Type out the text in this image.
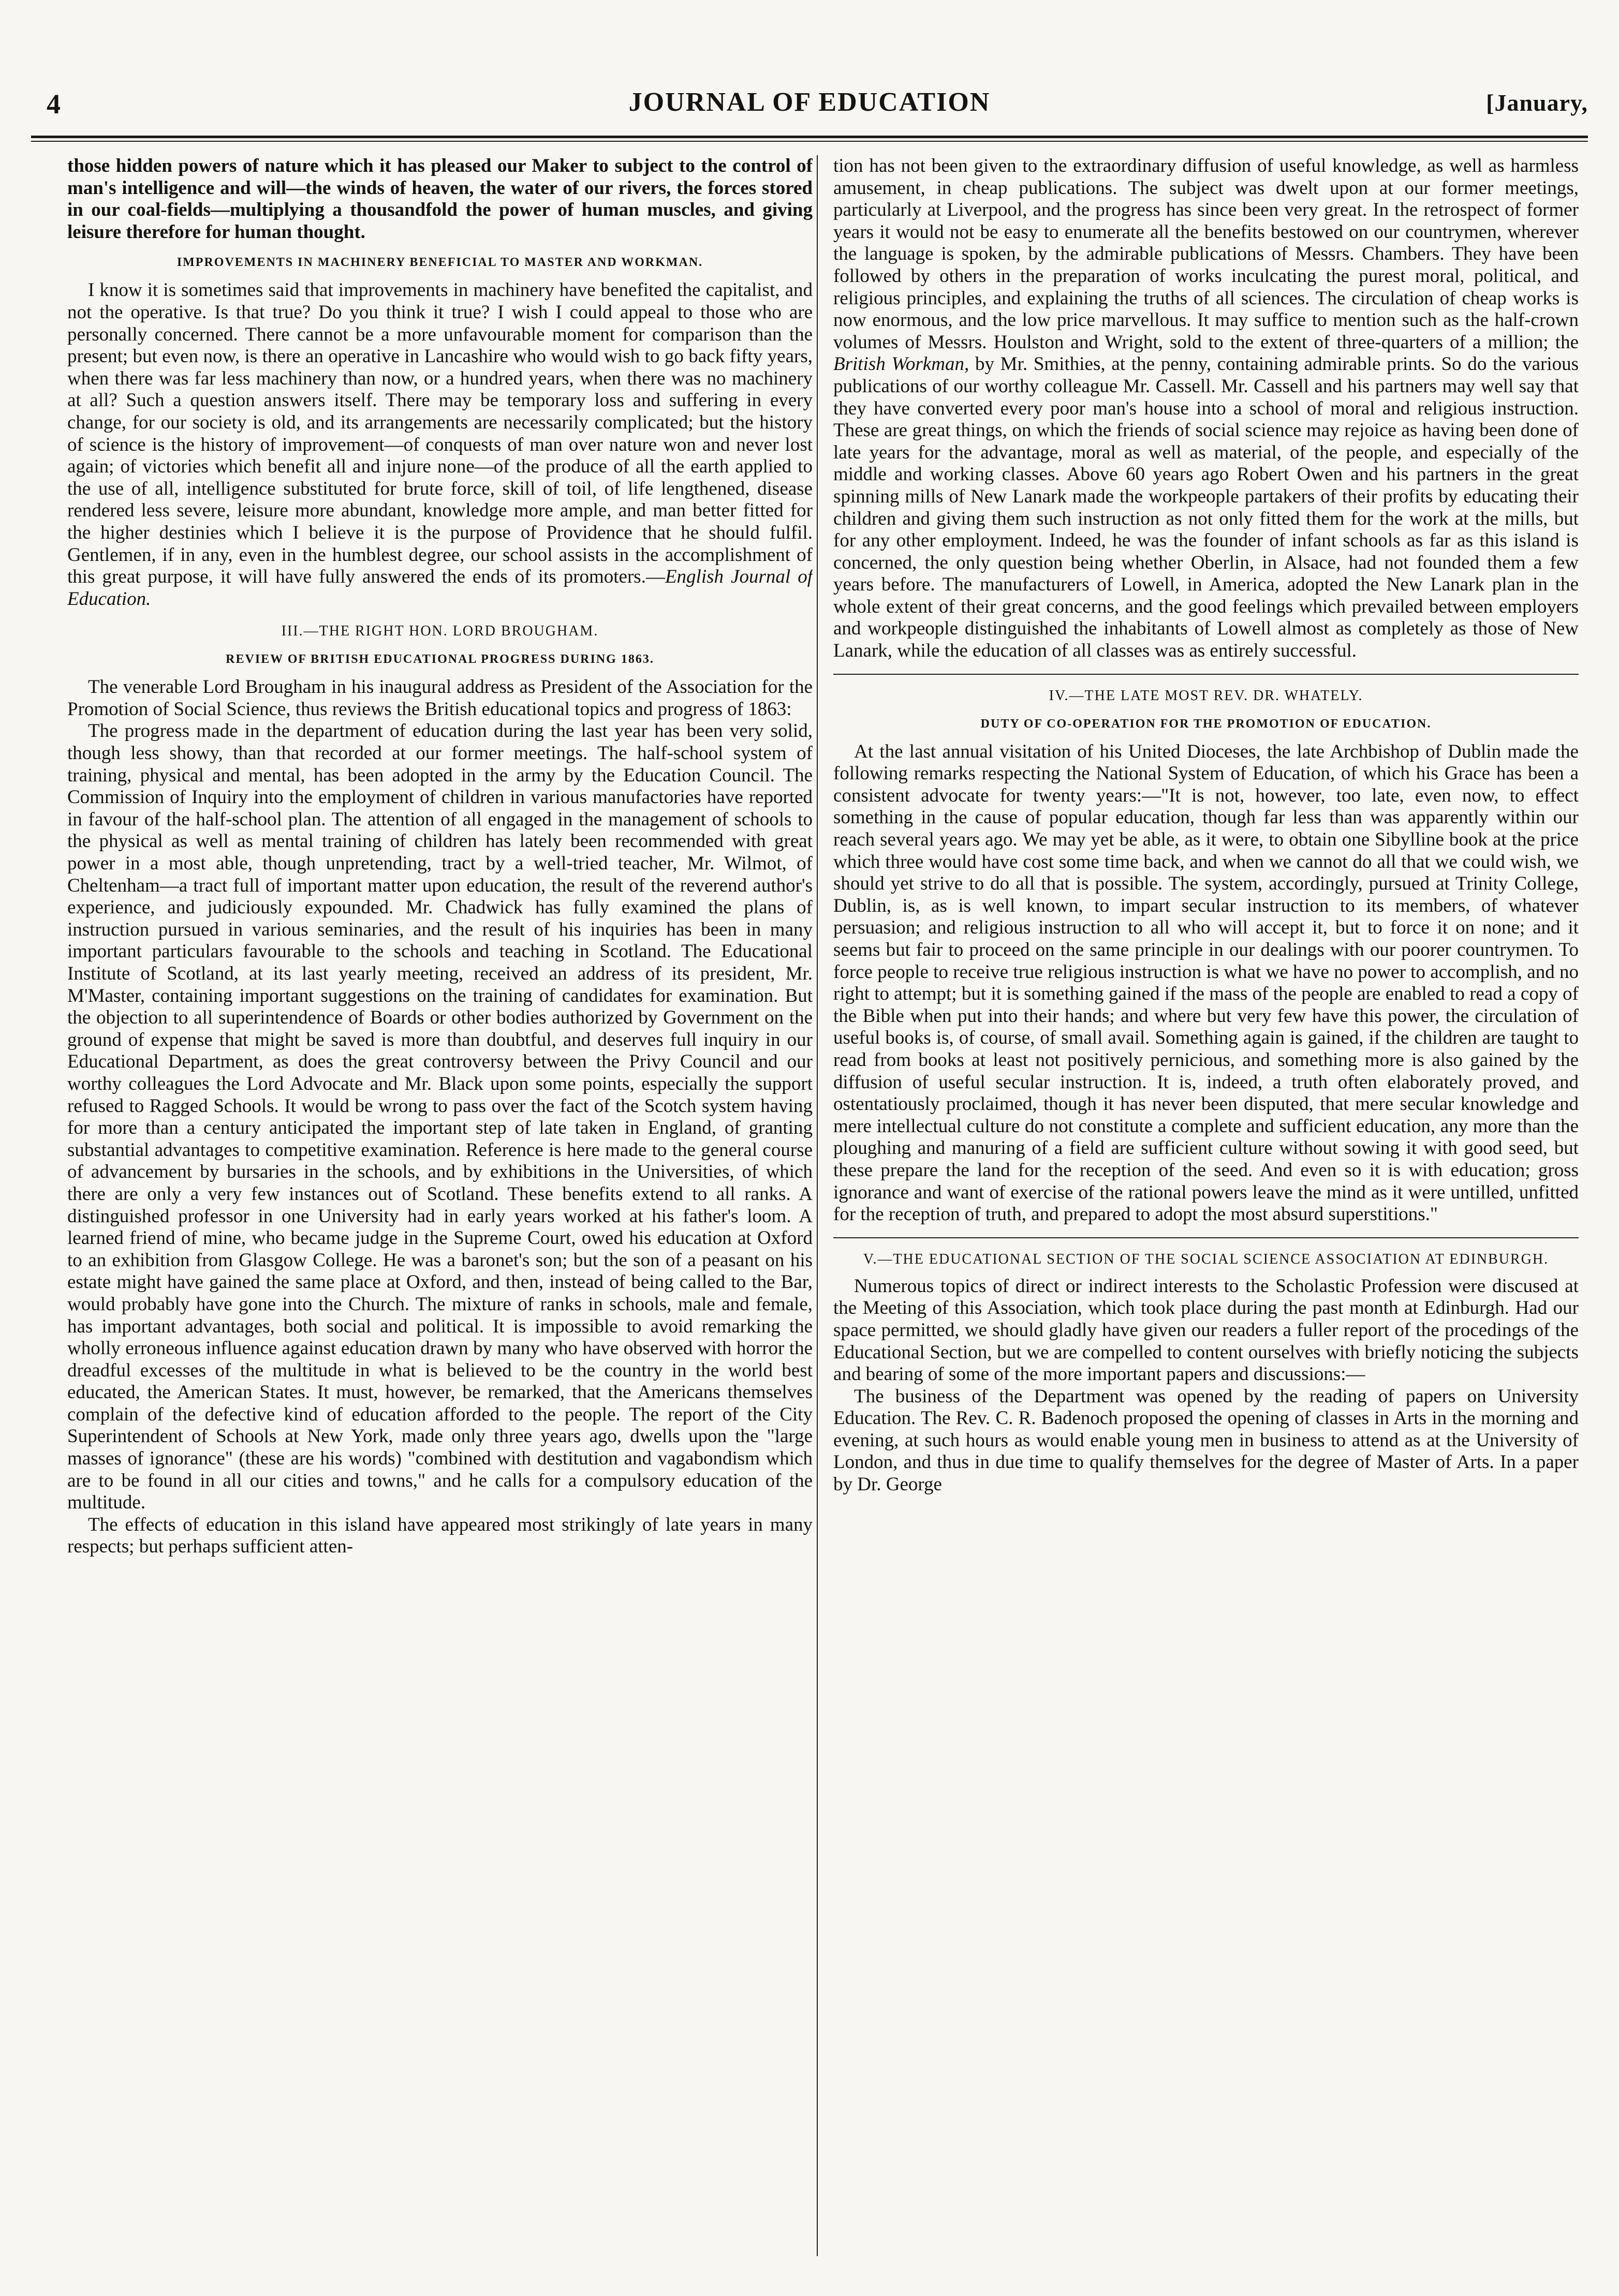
4	JOURNAL OF EDUCATION	[January,

those hidden powers of nature which it has pleased our Maker to subject to the control of man's intelligence and will—the winds of heaven, the water of our rivers, the forces stored in our coal-fields—multiplying a thousandfold the power of human muscles, and giving leisure therefore for human thought.

IMPROVEMENTS IN MACHINERY BENEFICIAL TO MASTER AND WORKMAN.

I know it is sometimes said that improvements in machinery have benefited the capitalist, and not the operative. Is that true? Do you think it true? I wish I could appeal to those who are personally concerned. There cannot be a more unfavourable moment for comparison than the present; but even now, is there an operative in Lancashire who would wish to go back fifty years, when there was far less machinery than now, or a hundred years, when there was no machinery at all? Such a question answers itself. There may be temporary loss and suffering in every change, for our society is old, and its arrangements are necessarily complicated; but the history of science is the history of improvement—of conquests of man over nature won and never lost again; of victories which benefit all and injure none—of the produce of all the earth applied to the use of all, intelligence substituted for brute force, skill of toil, of life lengthened, disease rendered less severe, leisure more abundant, knowledge more ample, and man better fitted for the higher destinies which I believe it is the purpose of Providence that he should fulfil. Gentlemen, if in any, even in the humblest degree, our school assists in the accomplishment of this great purpose, it will have fully answered the ends of its promoters.—English Journal of Education.

III.—THE RIGHT HON. LORD BROUGHAM.
REVIEW OF BRITISH EDUCATIONAL PROGRESS DURING 1863.

The venerable Lord Brougham in his inaugural address as President of the Association for the Promotion of Social Science, thus reviews the British educational topics and progress of 1863:

The progress made in the department of education during the last year has been very solid, though less showy, than that recorded at our former meetings. The half-school system of training, physical and mental, has been adopted in the army by the Education Council. The Commission of Inquiry into the employment of children in various manufactories have reported in favour of the half-school plan. The attention of all engaged in the management of schools to the physical as well as mental training of children has lately been recommended with great power in a most able, though unpretending, tract by a well-tried teacher, Mr. Wilmot, of Cheltenham—a tract full of important matter upon education, the result of the reverend author's experience, and judiciously expounded. Mr. Chadwick has fully examined the plans of instruction pursued in various seminaries, and the result of his inquiries has been in many important particulars favourable to the schools and teaching in Scotland. The Educational Institute of Scotland, at its last yearly meeting, received an address of its president, Mr. M'Master, containing important suggestions on the training of candidates for examination. But the objection to all superintendence of Boards or other bodies authorized by Government on the ground of expense that might be saved is more than doubtful, and deserves full inquiry in our Educational Department, as does the great controversy between the Privy Council and our worthy colleagues the Lord Advocate and Mr. Black upon some points, especially the support refused to Ragged Schools. It would be wrong to pass over the fact of the Scotch system having for more than a century anticipated the important step of late taken in England, of granting substantial advantages to competitive examination. Reference is here made to the general course of advancement by bursaries in the schools, and by exhibitions in the Universities, of which there are only a very few instances out of Scotland. These benefits extend to all ranks. A distinguished professor in one University had in early years worked at his father's loom. A learned friend of mine, who became judge in the Supreme Court, owed his education at Oxford to an exhibition from Glasgow College. He was a baronet's son; but the son of a peasant on his estate might have gained the same place at Oxford, and then, instead of being called to the Bar, would probably have gone into the Church. The mixture of ranks in schools, male and female, has important advantages, both social and political. It is impossible to avoid remarking the wholly erroneous influence against education drawn by many who have observed with horror the dreadful excesses of the multitude in what is believed to be the country in the world best educated, the American States. It must, however, be remarked, that the Americans themselves complain of the defective kind of education afforded to the people. The report of the City Superintendent of Schools at New York, made only three years ago, dwells upon the "large masses of ignorance" (these are his words) "combined with destitution and vagabondism which are to be found in all our cities and towns," and he calls for a compulsory education of the multitude.

The effects of education in this island have appeared most strikingly of late years in many respects; but perhaps sufficient atten-

tion has not been given to the extraordinary diffusion of useful knowledge, as well as harmless amusement, in cheap publications. The subject was dwelt upon at our former meetings, particularly at Liverpool, and the progress has since been very great. In the retrospect of former years it would not be easy to enumerate all the benefits bestowed on our countrymen, wherever the language is spoken, by the admirable publications of Messrs. Chambers. They have been followed by others in the preparation of works inculcating the purest moral, political, and religious principles, and explaining the truths of all sciences. The circulation of cheap works is now enormous, and the low price marvellous. It may suffice to mention such as the half-crown volumes of Messrs. Houlston and Wright, sold to the extent of three-quarters of a million; the British Workman, by Mr. Smithies, at the penny, containing admirable prints. So do the various publications of our worthy colleague Mr. Cassell. Mr. Cassell and his partners may well say that they have converted every poor man's house into a school of moral and religious instruction. These are great things, on which the friends of social science may rejoice as having been done of late years for the advantage, moral as well as material, of the people, and especially of the middle and working classes. Above 60 years ago Robert Owen and his partners in the great spinning mills of New Lanark made the workpeople partakers of their profits by educating their children and giving them such instruction as not only fitted them for the work at the mills, but for any other employment. Indeed, he was the founder of infant schools as far as this island is concerned, the only question being whether Oberlin, in Alsace, had not founded them a few years before. The manufacturers of Lowell, in America, adopted the New Lanark plan in the whole extent of their great concerns, and the good feelings which prevailed between employers and workpeople distinguished the inhabitants of Lowell almost as completely as those of New Lanark, while the education of all classes was as entirely successful.

IV.—THE LATE MOST REV. DR. WHATELY.
DUTY OF CO-OPERATION FOR THE PROMOTION OF EDUCATION.

At the last annual visitation of his United Dioceses, the late Archbishop of Dublin made the following remarks respecting the National System of Education, of which his Grace has been a consistent advocate for twenty years:—"It is not, however, too late, even now, to effect something in the cause of popular education, though far less than was apparently within our reach several years ago. We may yet be able, as it were, to obtain one Sibylline book at the price which three would have cost some time back, and when we cannot do all that we could wish, we should yet strive to do all that is possible. The system, accordingly, pursued at Trinity College, Dublin, is, as is well known, to impart secular instruction to its members, of whatever persuasion; and religious instruction to all who will accept it, but to force it on none; and it seems but fair to proceed on the same principle in our dealings with our poorer countrymen. To force people to receive true religious instruction is what we have no power to accomplish, and no right to attempt; but it is something gained if the mass of the people are enabled to read a copy of the Bible when put into their hands; and where but very few have this power, the circulation of useful books is, of course, of small avail. Something again is gained, if the children are taught to read from books at least not positively pernicious, and something more is also gained by the diffusion of useful secular instruction. It is, indeed, a truth often elaborately proved, and ostentatiously proclaimed, though it has never been disputed, that mere secular knowledge and mere intellectual culture do not constitute a complete and sufficient education, any more than the ploughing and manuring of a field are sufficient culture without sowing it with good seed, but these prepare the land for the reception of the seed. And even so it is with education; gross ignorance and want of exercise of the rational powers leave the mind as it were untilled, unfitted for the reception of truth, and prepared to adopt the most absurd superstitions."

V.—THE EDUCATIONAL SECTION OF THE SOCIAL SCIENCE ASSOCIATION AT EDINBURGH.

Numerous topics of direct or indirect interests to the Scholastic Profession were discused at the Meeting of this Association, which took place during the past month at Edinburgh. Had our space permitted, we should gladly have given our readers a fuller report of the procedings of the Educational Section, but we are compelled to content ourselves with briefly noticing the subjects and bearing of some of the more important papers and discussions:—

The business of the Department was opened by the reading of papers on University Education. The Rev. C. R. Badenoch proposed the opening of classes in Arts in the morning and evening, at such hours as would enable young men in business to attend as at the University of London, and thus in due time to qualify themselves for the degree of Master of Arts. In a paper by Dr. George
